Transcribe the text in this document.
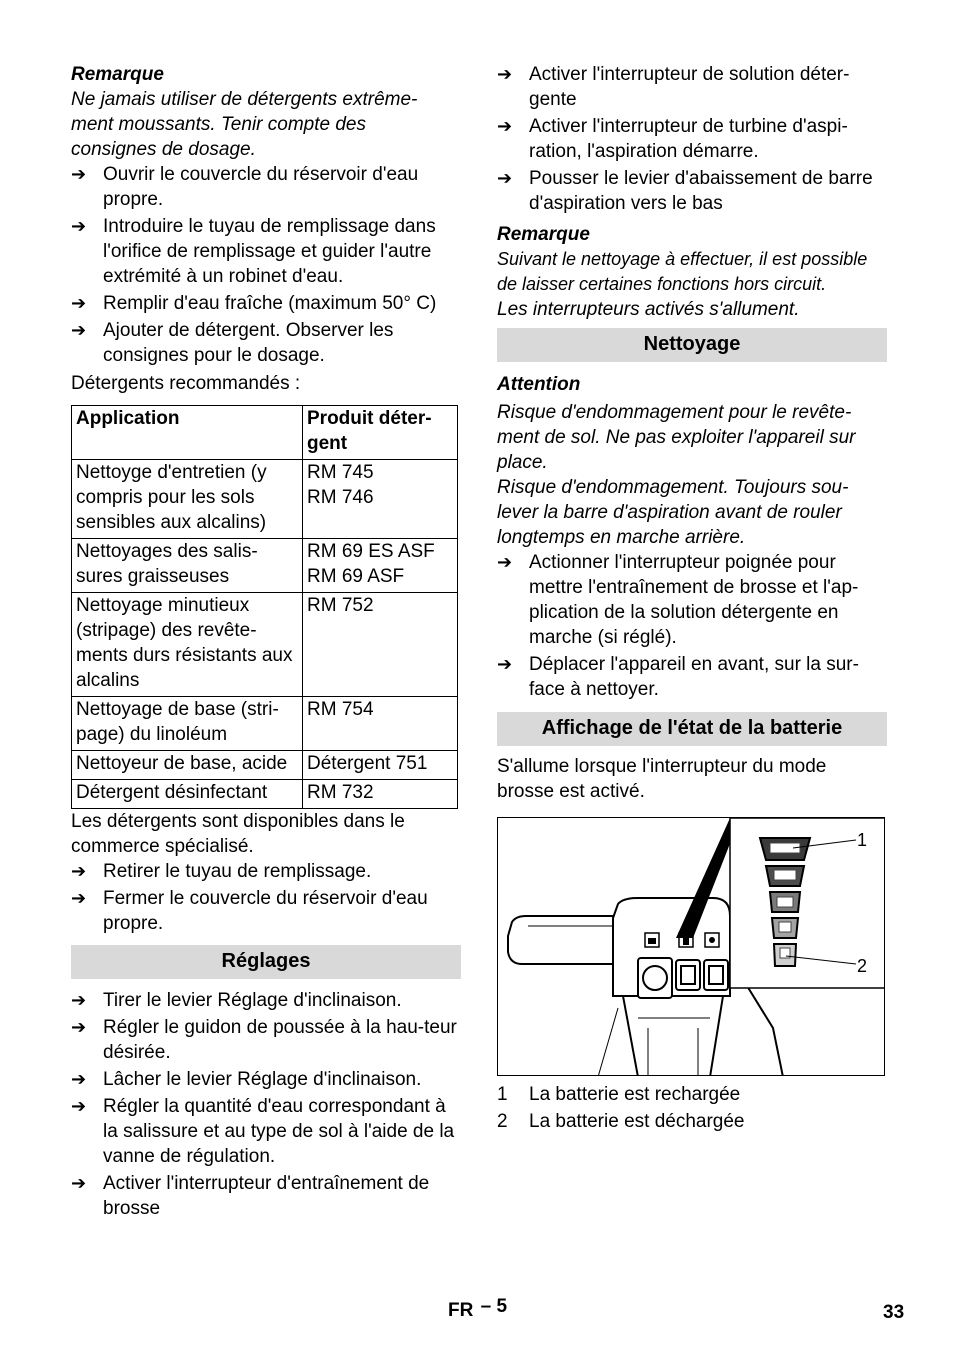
Remarque

Ne jamais utiliser de détergents extrême-ment moussants. Tenir compte des consignes de dosage.

➔ Ouvrir le couvercle du réservoir d'eau propre.
➔ Introduire le tuyau de remplissage dans l'orifice de remplissage et guider l'autre extrémité à un robinet d'eau.
➔ Remplir d'eau fraîche (maximum 50° C)
➔ Ajouter de détergent. Observer les consignes pour le dosage.

Détergents recommandés :

Application	Produit déter-gent
Nettoyge d'entretien (y compris pour les sols sensibles aux alcalins)	RM 745
RM 746
Nettoyages des salis-sures graisseuses	RM 69 ES ASF
RM 69 ASF
Nettoyage minutieux (stripage) des revête-ments durs résistants aux alcalins	RM 752
Nettoyage de base (stri-page) du linoléum	RM 754
Nettoyeur de base, acide	Détergent 751
Détergent désinfectant	RM 732

Les détergents sont disponibles dans le commerce spécialisé.

➔ Retirer le tuyau de remplissage.
➔ Fermer le couvercle du réservoir d'eau propre.
Réglages
➔ Tirer le levier Réglage d'inclinaison.
➔ Régler le guidon de poussée à la hau-teur désirée.
➔ Lâcher le levier Réglage d'inclinaison.
➔ Régler la quantité d'eau correspondant à la salissure et au type de sol à l'aide de la vanne de régulation.
➔ Activer l'interrupteur d'entraînement de brosse
➔ Activer l'interrupteur de solution déter-gente
➔ Activer l'interrupteur de turbine d'aspi-ration, l'aspiration démarre.
➔ Pousser le levier d'abaissement de barre d'aspiration vers le bas

Remarque

Suivant le nettoyage à effectuer, il est possible de laisser certaines fonctions hors circuit.

Les interrupteurs activés s'allument.

Nettoyage

Attention

Risque d'endommagement pour le revête-ment de sol. Ne pas exploiter l'appareil sur place.

Risque d'endommagement. Toujours sou-lever la barre d'aspiration avant de rouler longtemps en marche arrière.

➔ Actionner l'interrupteur poignée pour mettre l'entraînement de brosse et l'ap-plication de la solution détergente en marche (si réglé).
➔ Déplacer l'appareil en avant, sur la sur-face à nettoyer.
Affichage de l'état de la batterie

S'allume lorsque l'interrupteur du mode brosse est activé.

1
2
1 La batterie est rechargée
2 La batterie est déchargée
FR – 5	33
